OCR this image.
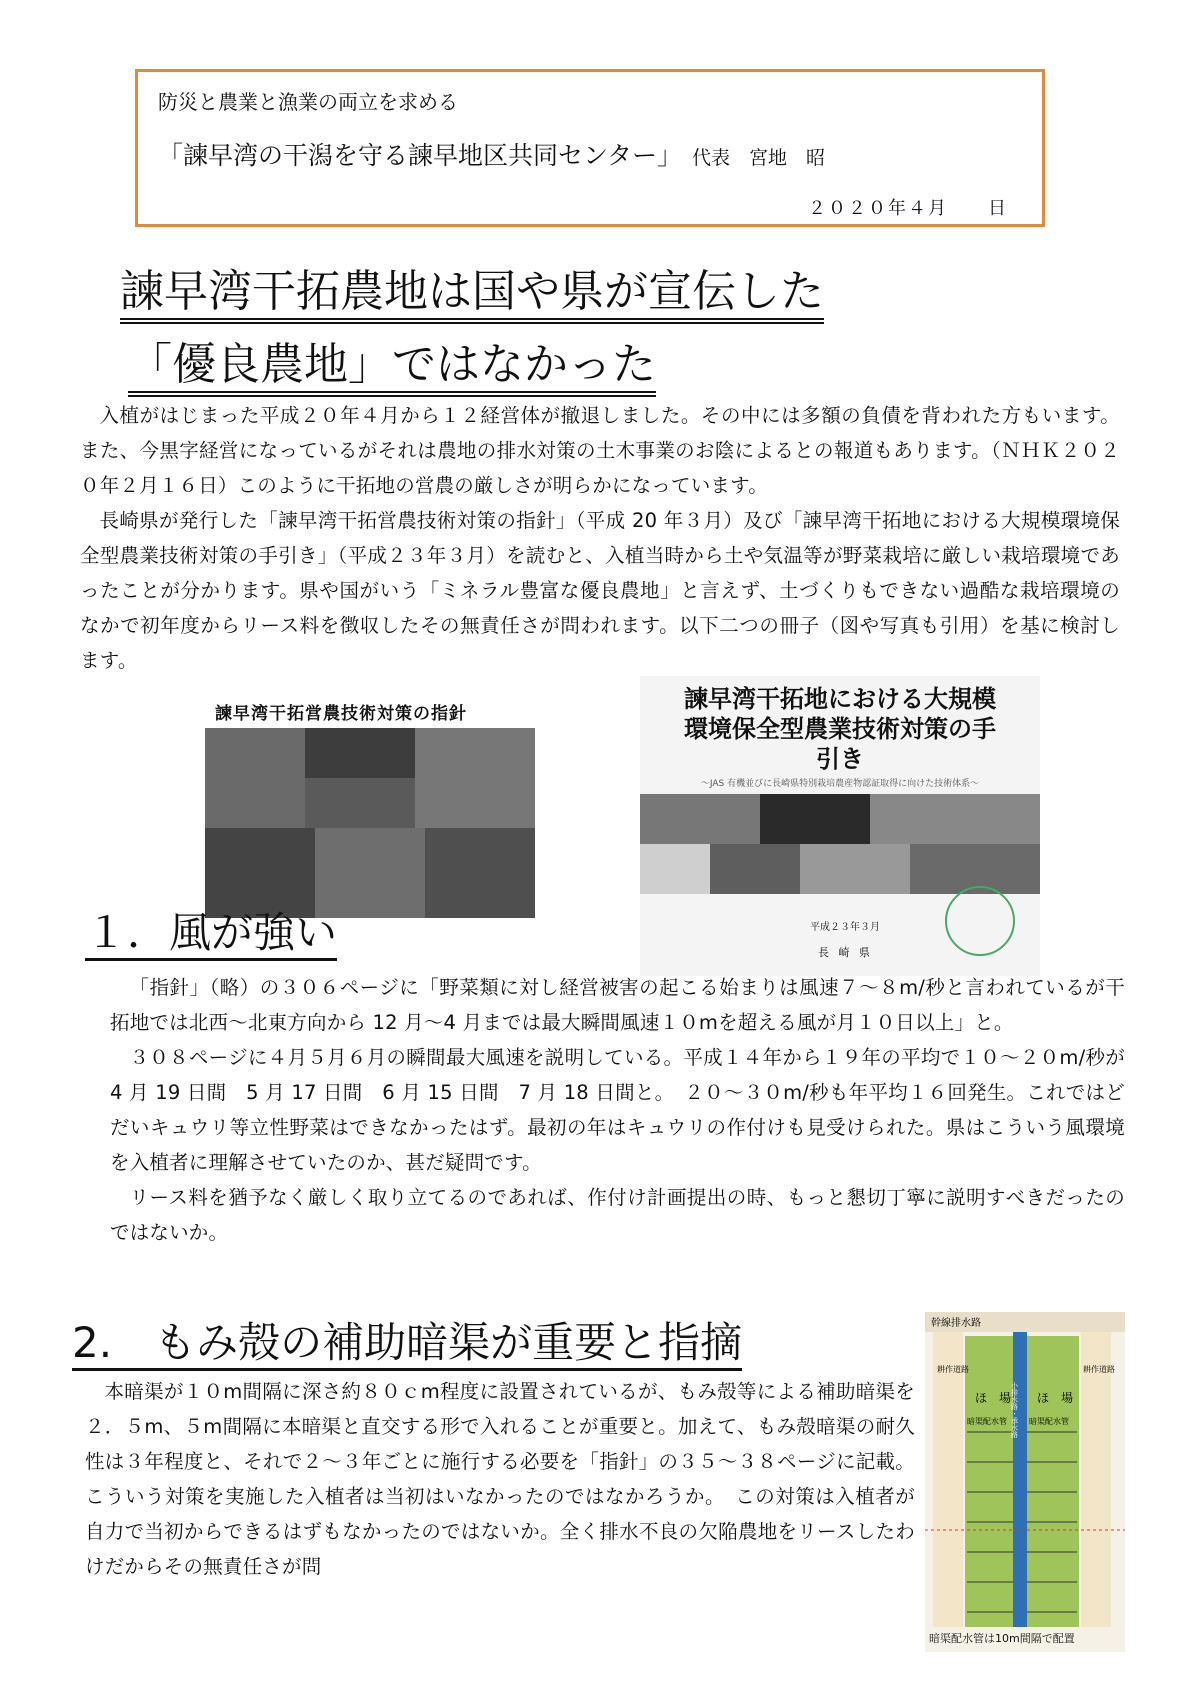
防災と農業と漁業の両立を求める
「諫早湾の干潟を守る諫早地区共同センター」 代表　宮地　昭
２０２０年４月　　日
諫早湾干拓農地は国や県が宣伝した
「優良農地」ではなかった

入植がはじまった平成２０年４月から１２経営体が撤退しました。その中には多額の負債を背われた方もいます。また、今黒字経営になっているがそれは農地の排水対策の土木事業のお陰によるとの報道もあります。（ＮＨＫ２０２０年２月１６日）このように干拓地の営農の厳しさが明らかになっています。

長崎県が発行した「諫早湾干拓営農技術対策の指針」（平成 20 年３月）及び「諫早湾干拓地における大規模環境保全型農業技術対策の手引き」（平成２３年３月）を読むと、入植当時から土や気温等が野菜栽培に厳しい栽培環境であったことが分かります。県や国がいう「ミネラル豊富な優良農地」と言えず、土づくりもできない過酷な栽培環境のなかで初年度からリース料を徴収したその無責任さが問われます。以下二つの冊子（図や写真も引用）を基に検討します。

諫早湾干拓営農技術対策の指針
諫早湾干拓地における大規模環境保全型農業技術対策の手引き
～JAS 有機並びに長崎県特別栽培農産物認証取得に向けた技術体系～
平成２３年３月
長 崎 県
１．風が強い

「指針」（略）の３０６ページに「野菜類に対し経営被害の起こる始まりは風速７～８m/秒と言われているが干拓地では北西～北東方向から 12 月～4 月までは最大瞬間風速１０mを超える風が月１０日以上」と。

３０８ページに４月５月６月の瞬間最大風速を説明している。平成１４年から１９年の平均で１０～２０m/秒が 4 月 19 日間　5 月 17 日間　6 月 15 日間　7 月 18 日間と。　２０～３０m/秒も年平均１６回発生。これではどだいキュウリ等立性野菜はできなかったはず。最初の年はキュウリの作付けも見受けられた。県はこういう風環境を入植者に理解させていたのか、甚だ疑問です。

リース料を猶予なく厳しく取り立てるのであれば、作付け計画提出の時、もっと懇切丁寧に説明すべきだったのではないか。

2.　もみ殻の補助暗渠が重要と指摘

本暗渠が１０m間隔に深さ約８０ｃm程度に設置されているが、もみ殻等による補助暗渠を２．５m、５m間隔に本暗渠と直交する形で入れることが重要と。加えて、もみ殻暗渠の耐久性は３年程度と、それで２～３年ごとに施行する必要を「指針」の３５～３８ページに記載。こういう対策を実施した入植者は当初はいなかったのではなかろうか。　この対策は入植者が自力で当初からできるはずもなかったのではないか。全く排水不良の欠陥農地をリースしたわけだからその無責任さが問

幹線排水路
ほ　場 ほ　場
耕作道路	耕作道路
暗渠配水管	暗渠配水管
小排水路・承水路
暗渠配水管は10m間隔で配置
